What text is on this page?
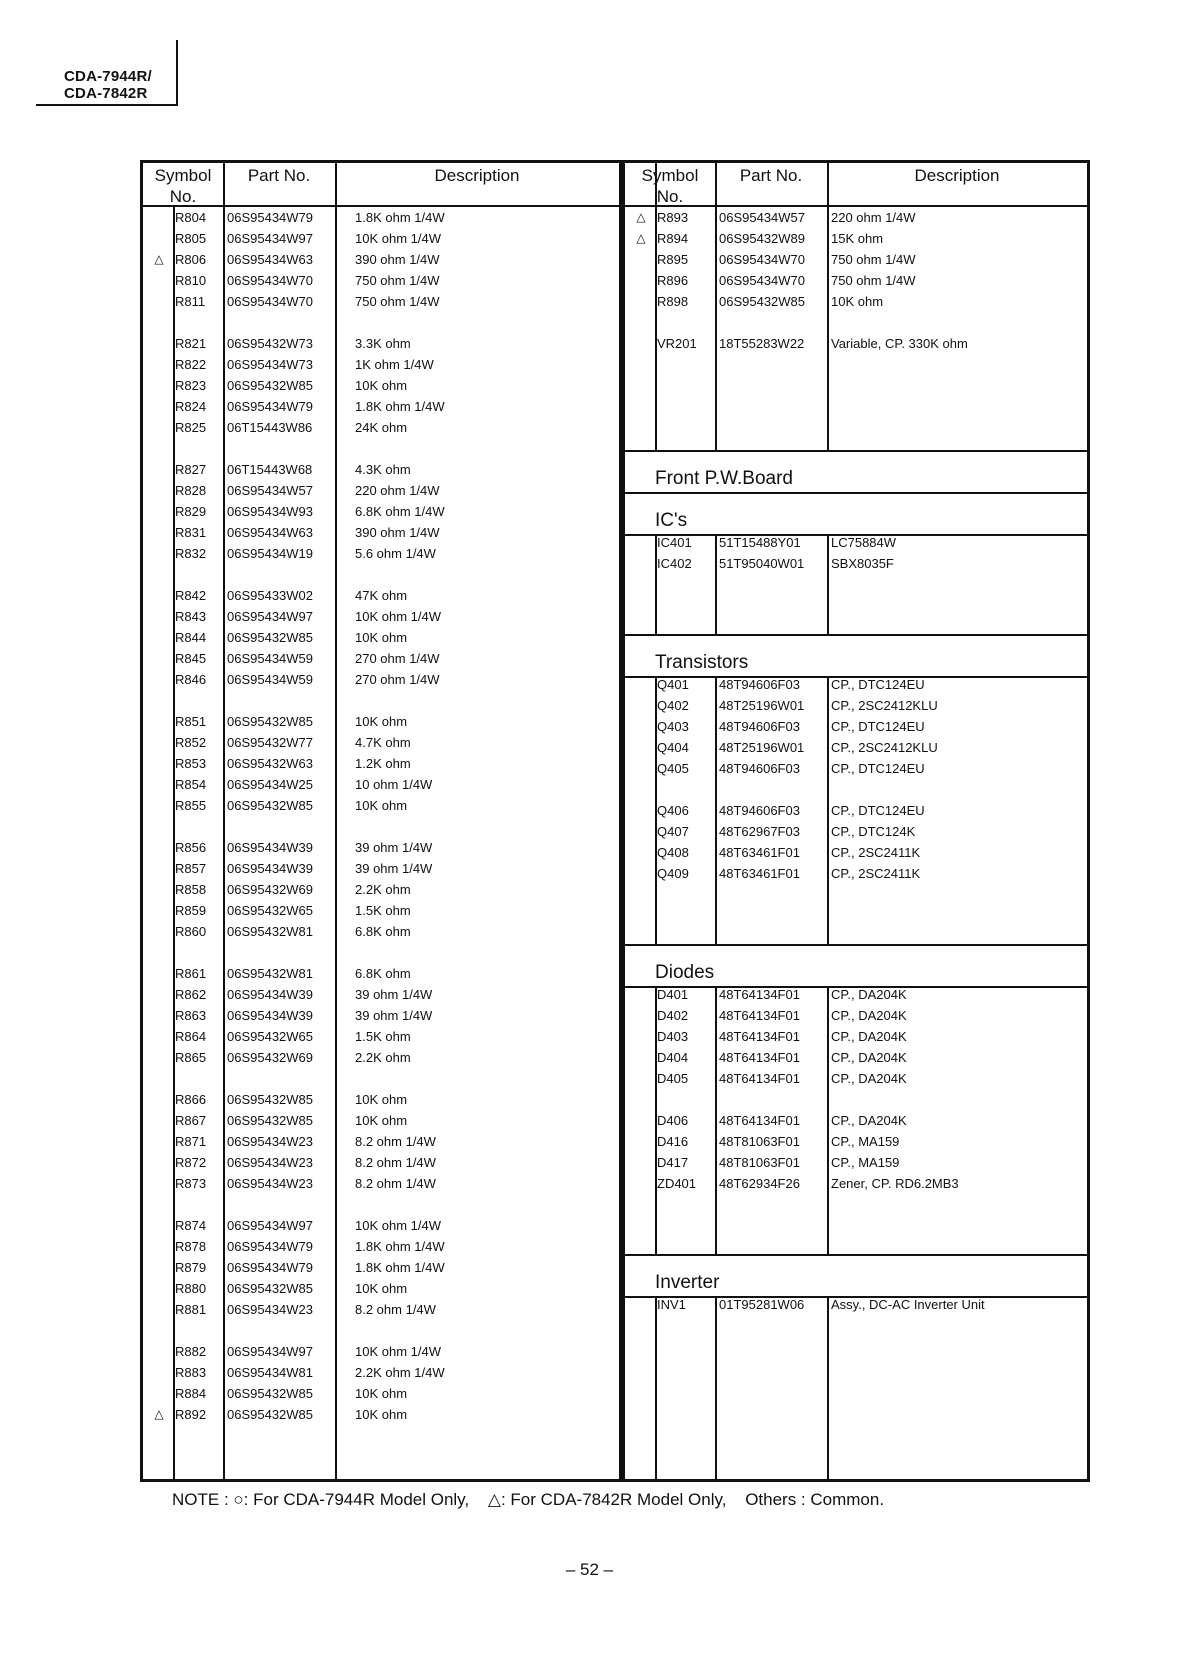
CDA-7944R/
CDA-7842R
Symbol
No.
Part No.	Description
R804 06S95434W79	1.8K ohm 1/4W
R805 06S95434W97	10K ohm 1/4W
△ R806 06S95434W63	390 ohm 1/4W
R810 06S95434W70	750 ohm 1/4W
R811 06S95434W70	750 ohm 1/4W
R821 06S95432W73	3.3K ohm
R822 06S95434W73	1K ohm 1/4W
R823 06S95432W85	10K ohm
R824 06S95434W79	1.8K ohm 1/4W
R825 06T15443W86	24K ohm
R827 06T15443W68	4.3K ohm
R828 06S95434W57	220 ohm 1/4W
R829 06S95434W93	6.8K ohm 1/4W
R831 06S95434W63	390 ohm 1/4W
R832 06S95434W19	5.6 ohm 1/4W
R842 06S95433W02	47K ohm
R843 06S95434W97	10K ohm 1/4W
R844 06S95432W85	10K ohm
R845 06S95434W59	270 ohm 1/4W
R846 06S95434W59	270 ohm 1/4W
R851 06S95432W85	10K ohm
R852 06S95432W77	4.7K ohm
R853 06S95432W63	1.2K ohm
R854 06S95434W25	10 ohm 1/4W
R855 06S95432W85	10K ohm
R856 06S95434W39	39 ohm 1/4W
R857 06S95434W39	39 ohm 1/4W
R858 06S95432W69	2.2K ohm
R859 06S95432W65	1.5K ohm
R860 06S95432W81	6.8K ohm
R861 06S95432W81	6.8K ohm
R862 06S95434W39	39 ohm 1/4W
R863 06S95434W39	39 ohm 1/4W
R864 06S95432W65	1.5K ohm
R865 06S95432W69	2.2K ohm
R866 06S95432W85	10K ohm
R867 06S95432W85	10K ohm
R871 06S95434W23	8.2 ohm 1/4W
R872 06S95434W23	8.2 ohm 1/4W
R873 06S95434W23	8.2 ohm 1/4W
R874 06S95434W97	10K ohm 1/4W
R878 06S95434W79	1.8K ohm 1/4W
R879 06S95434W79	1.8K ohm 1/4W
R880 06S95432W85	10K ohm
R881 06S95434W23	8.2 ohm 1/4W
R882 06S95434W97	10K ohm 1/4W
R883 06S95434W81	2.2K ohm 1/4W
R884 06S95432W85	10K ohm
△ R892 06S95432W85	10K ohm
Symbol
No.
Part No.	Description
△ R893 06S95434W57 220 ohm 1/4W
△ R894 06S95432W89 15K ohm
R895 06S95434W70 750 ohm 1/4W
R896 06S95434W70 750 ohm 1/4W
R898 06S95432W85 10K ohm
VR201 18T55283W22 Variable, CP. 330K ohm
Front P.W.Board
IC's
IC401 51T15488Y01 LC75884W
IC402 51T95040W01 SBX8035F
Transistors
Q401 48T94606F03 CP., DTC124EU
Q402 48T25196W01 CP., 2SC2412KLU
Q403 48T94606F03 CP., DTC124EU
Q404 48T25196W01 CP., 2SC2412KLU
Q405 48T94606F03 CP., DTC124EU
Q406 48T94606F03 CP., DTC124EU
Q407 48T62967F03 CP., DTC124K
Q408 48T63461F01 CP., 2SC2411K
Q409 48T63461F01 CP., 2SC2411K
Diodes
D401 48T64134F01 CP., DA204K
D402 48T64134F01 CP., DA204K
D403 48T64134F01 CP., DA204K
D404 48T64134F01 CP., DA204K
D405 48T64134F01 CP., DA204K
D406 48T64134F01 CP., DA204K
D416 48T81063F01 CP., MA159
D417 48T81063F01 CP., MA159
ZD401 48T62934F26 Zener, CP. RD6.2MB3
Inverter
INV1	01T95281W06 Assy., DC-AC Inverter Unit
NOTE : ○: For CDA-7944R Model Only, △: For CDA-7842R Model Only, Others : Common.
– 52 –
